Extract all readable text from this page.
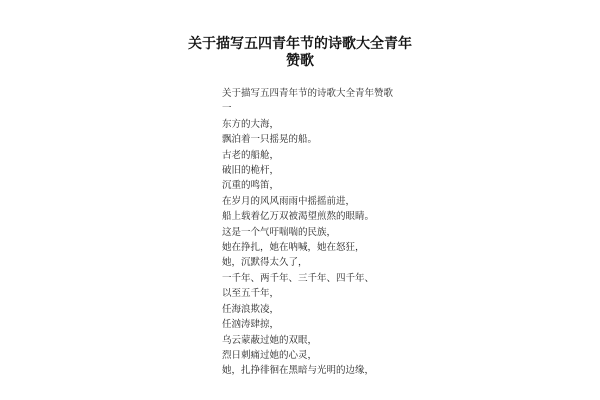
关于描写五四青年节的诗歌大全青年
赞歌
关于描写五四青年节的诗歌大全青年赞歌
一
东方的大海，
飘泊着一只摇晃的船。
古老的船舱，
破旧的桅杆，
沉重的鸣笛，
在岁月的风风雨雨中摇摇前进，
船上载着亿万双被渴望煎熬的眼睛。
这是一个气吁喘喘的民族，
她在挣扎，她在呐喊，她在怒狂，
她，沉默得太久了，
一千年、两千年、三千年、四千年、
以至五千年，
任海浪欺凌，
任汹涛肆掠，
乌云蒙蔽过她的双眼，
烈日刺痛过她的心灵，
她，扎挣徘徊在黑暗与光明的边缘，
